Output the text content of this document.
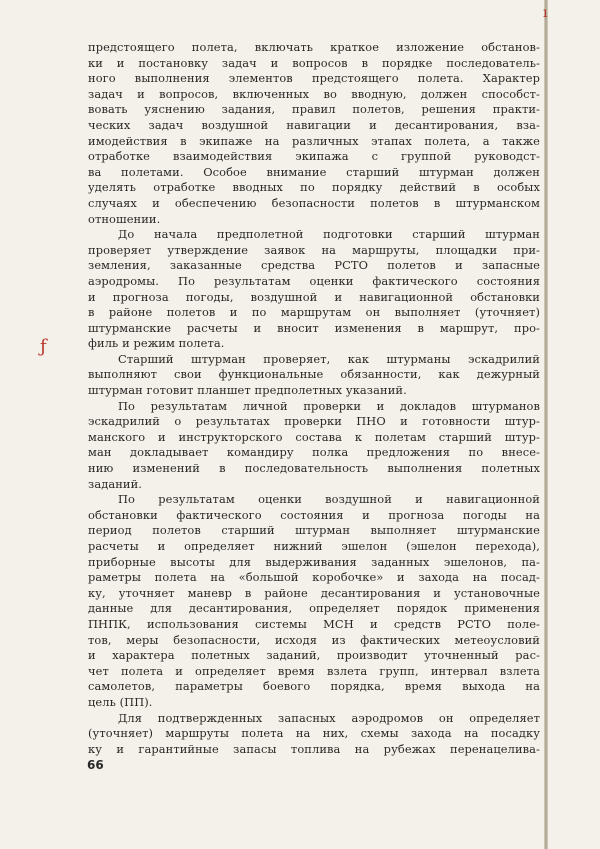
ı
ƒ

предстоящего полета, включать краткое изложение обстанов-
ки и постановку задач и вопросов в порядке последователь-
ного выполнения элементов предстоящего полета. Характер
задач и вопросов, включенных во вводную, должен способст-
вовать уяснению задания, правил полетов, решения практи-
ческих задач воздушной навигации и десантирования, вза-
имодействия в экипаже на различных этапах полета, а также
отработке взаимодействия экипажа с группой руководст-
ва полетами. Особое внимание старший штурман должен
уделять отработке вводных по порядку действий в особых
случаях и обеспечению безопасности полетов в штурманском
отношении.

До начала предполетной подготовки старший штурман
проверяет утверждение заявок на маршруты, площадки при-
земления, заказанные средства РСТО полетов и запасные
аэродромы. По результатам оценки фактического состояния
и прогноза погоды, воздушной и навигационной обстановки
в районе полетов и по маршрутам он выполняет (уточняет)
штурманские расчеты и вносит изменения в маршрут, про-
филь и режим полета.

Старший штурман проверяет, как штурманы эскадрилий
выполняют свои функциональные обязанности, как дежурный
штурман готовит планшет предполетных указаний.

По результатам личной проверки и докладов штурманов
эскадрилий о результатах проверки ПНО и готовности штур-
манского и инструкторского состава к полетам старший штур-
ман докладывает командиру полка предложения по внесе-
нию изменений в последовательность выполнения полетных
заданий.

По результатам оценки воздушной и навигационной
обстановки фактического состояния и прогноза погоды на
период полетов старший штурман выполняет штурманские
расчеты и определяет нижний эшелон (эшелон перехода),
приборные высоты для выдерживания заданных эшелонов, па-
раметры полета на «большой коробочке» и захода на посад-
ку, уточняет маневр в районе десантирования и установочные
данные для десантирования, определяет порядок применения
ПНПК, использования системы МСН и средств РСТО поле-
тов, меры безопасности, исходя из фактических метеоусловий
и характера полетных заданий, производит уточненный рас-
чет полета и определяет время взлета групп, интервал взлета
самолетов, параметры боевого порядка, время выхода на
цель (ПП).

Для подтвержденных запасных аэродромов он определяет
(уточняет) маршруты полета на них, схемы захода на посадку
ку и гарантийные запасы топлива на рубежах перенацелива-

66
